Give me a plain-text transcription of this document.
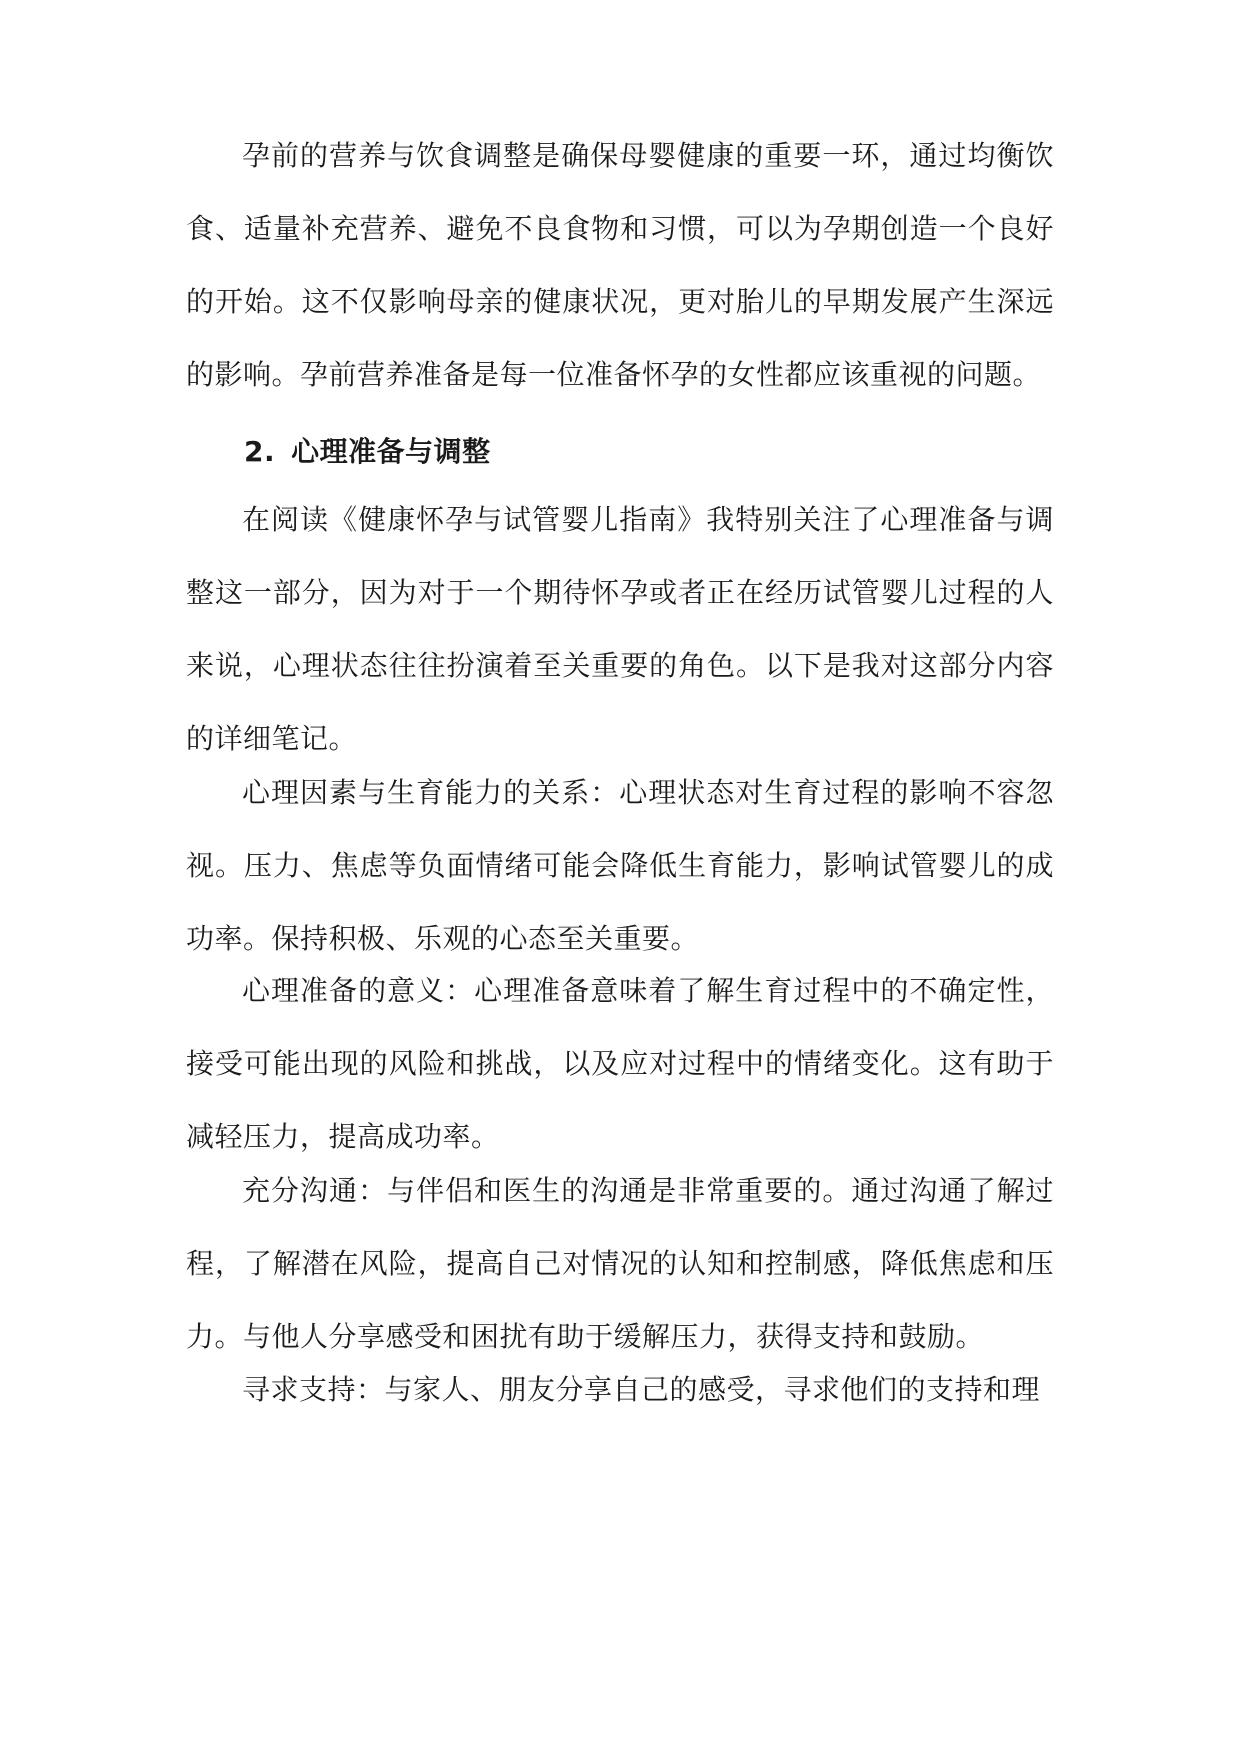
孕前的营养与饮食调整是确保母婴健康的重要一环，通过均衡饮食、适量补充营养、避免不良食物和习惯，可以为孕期创造一个良好的开始。这不仅影响母亲的健康状况，更对胎儿的早期发展产生深远的影响。孕前营养准备是每一位准备怀孕的女性都应该重视的问题。

2. 心理准备与调整

在阅读《健康怀孕与试管婴儿指南》我特别关注了心理准备与调整这一部分，因为对于一个期待怀孕或者正在经历试管婴儿过程的人来说，心理状态往往扮演着至关重要的角色。以下是我对这部分内容的详细笔记。

心理因素与生育能力的关系：心理状态对生育过程的影响不容忽视。压力、焦虑等负面情绪可能会降低生育能力，影响试管婴儿的成功率。保持积极、乐观的心态至关重要。

心理准备的意义：心理准备意味着了解生育过程中的不确定性，接受可能出现的风险和挑战，以及应对过程中的情绪变化。这有助于减轻压力，提高成功率。

充分沟通：与伴侣和医生的沟通是非常重要的。通过沟通了解过程，了解潜在风险，提高自己对情况的认知和控制感，降低焦虑和压力。与他人分享感受和困扰有助于缓解压力，获得支持和鼓励。

寻求支持：与家人、朋友分享自己的感受，寻求他们的支持和理
